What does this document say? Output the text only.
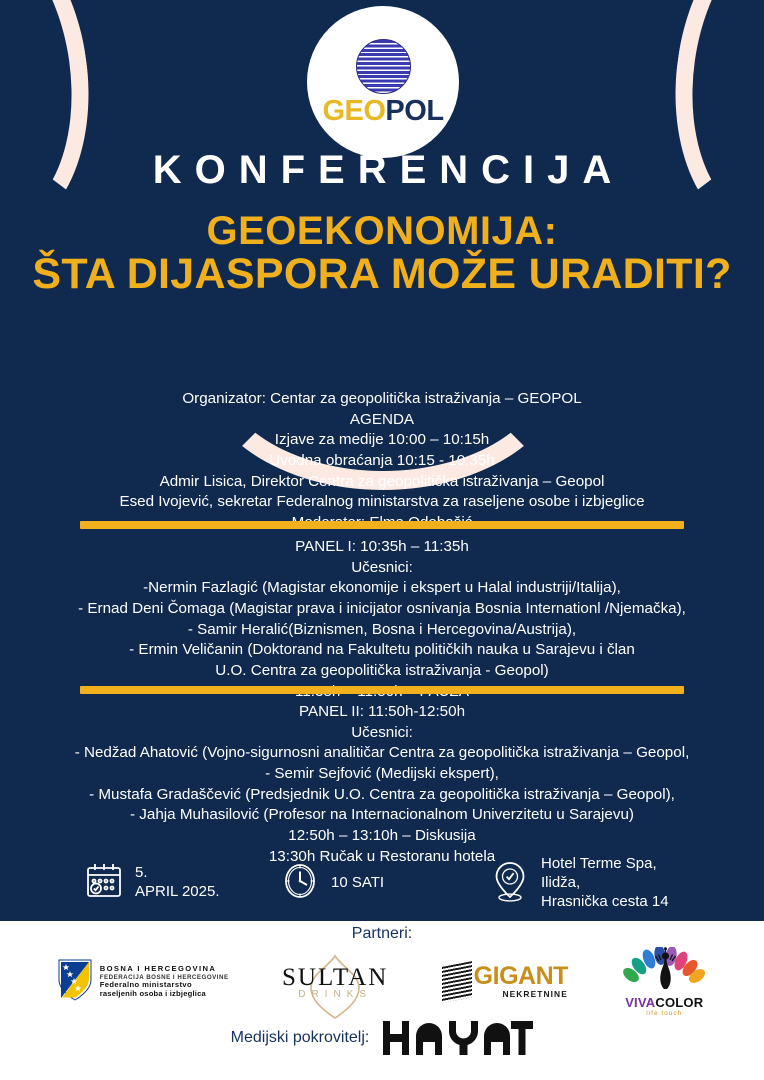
GEOPOL
KONFERENCIJA
GEOEKONOMIJA:
ŠTA DIJASPORA MOŽE URADITI?
Organizator: Centar za geopolitička istraživanja – GEOPOL
AGENDA
Izjave za medije 10:00 – 10:15h
Uvodna obraćanja 10:15 - 10:35h
Admir Lisica, Direktor Centra za geopolitička istraživanja – Geopol
Esed Ivojević, sekretar Federalnog ministarstva za raseljene osobe i izbjeglice
PANEL I: 10:35h – 11:35h
Učesnici:
-Nermin Fazlagić (Magistar ekonomije i ekspert u Halal industriji/Italija),
- Ernad Deni Čomaga (Magistar prava i inicijator osnivanja Bosnia Internationl /Njemačka),
- Samir Heralić(Biznismen, Bosna i Hercegovina/Austrija),
- Ermin Veličanin (Doktorand na Fakultetu političkih nauka u Sarajevu i član
U.O. Centra za geopolitička istraživanja - Geopol)
PANEL II: 11:50h-12:50h
Učesnici:
- Nedžad Ahatović (Vojno-sigurnosni analitičar Centra za geopolitička istraživanja – Geopol,
- Semir Sejfović (Medijski ekspert),
- Mustafa Gradaščević (Predsjednik U.O. Centra za geopolitička istraživanja – Geopol),
- Jahja Muhasilović (Profesor na Internacionalnom Univerzitetu u Sarajevu)
12:50h – 13:10h – Diskusija
13:30h Ručak u Restoranu hotela
5.
APRIL 2025.
10 SATI
Hotel Terme Spa,
Ilidža,
Hrasnička cesta 14
Partneri:
BOSNA I HERCEGOVINA
FEDERACIJA BOSNE I HERCEGOVINE
Federalno ministarstvo
raseljenih osoba i izbjeglica
SULTAN
DRINKS
GIGANT
NEKRETNINE
VIVACOLOR
life touch
Medijski pokrovitelj:
